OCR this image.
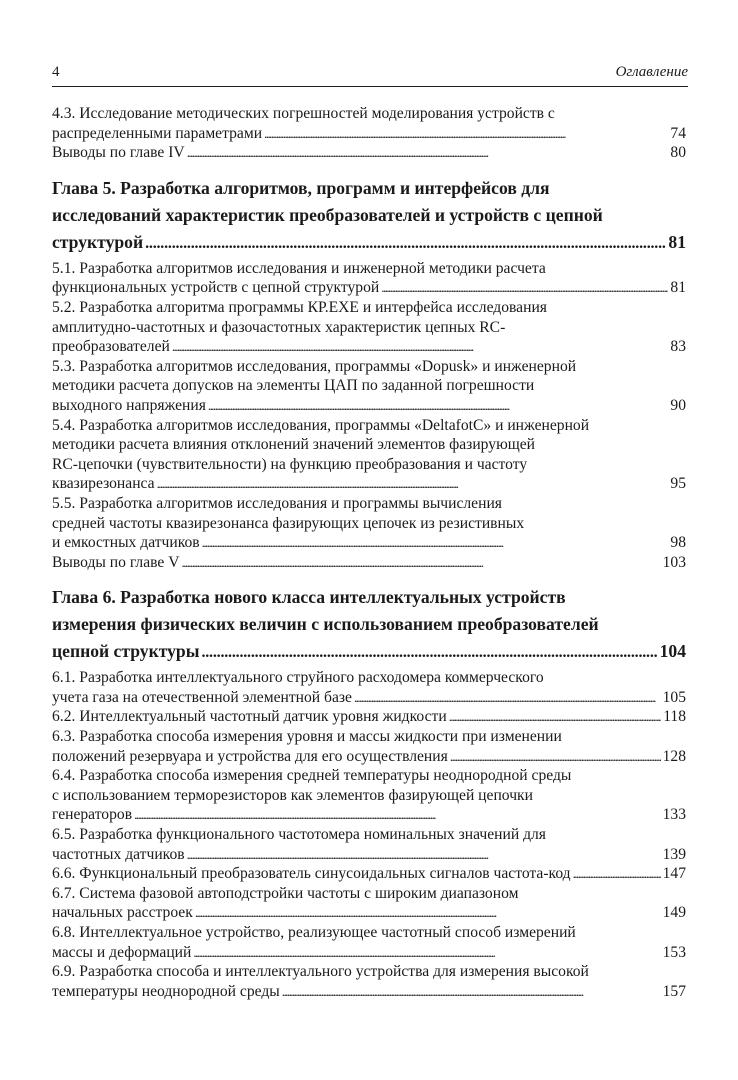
4	Оглавление
4.3. Исследование методических погрешностей моделирования устройств с
распределенными параметрами . . .	74
Выводы по главе IV . . .	80
Глава 5. Разработка алгоритмов, программ и интерфейсов для
исследований характеристик преобразователей и устройств с цепной
структурой . . .	81
5.1. Разработка алгоритмов исследования и инженерной методики расчета
функциональных устройств с цепной структурой . . .	81
5.2. Разработка алгоритма программы КР.EXE и интерфейса исследования
амплитудно-частотных и фазочастотных характеристик цепных RC-
преобразователей . . .	83
5.3. Разработка алгоритмов исследования, программы «Dopusk» и инженерной
методики расчета допусков на элементы ЦАП по заданной погрешности
выходного напряжения . . .	90
5.4. Разработка алгоритмов исследования, программы «DeltafotC» и инженерной
методики расчета влияния отклонений значений элементов фазирующей
RC-цепочки (чувствительности) на функцию преобразования и частоту
квазирезонанса . . .	95
5.5. Разработка алгоритмов исследования и программы вычисления
средней частоты квазирезонанса фазирующих цепочек из резистивных
и емкостных датчиков . . .	98
Выводы по главе V . . .	103
Глава 6. Разработка нового класса интеллектуальных устройств
измерения физических величин с использованием преобразователей
цепной структуры . . .	104
6.1. Разработка интеллектуального струйного расходомера коммерческого
учета газа на отечественной элементной базе . . .	105
6.2. Интеллектуальный частотный датчик уровня жидкости . . .	118
6.3. Разработка способа измерения уровня и массы жидкости при изменении
положений резервуара и устройства для его осуществления . . .	128
6.4. Разработка способа измерения средней температуры неоднородной среды
с использованием терморезисторов как элементов фазирующей цепочки
генераторов . . .	133
6.5. Разработка функционального частотомера номинальных значений для
частотных датчиков . . .	139
6.6. Функциональный преобразователь синусоидальных сигналов частота-код . . .	147
6.7. Система фазовой автоподстройки частоты с широким диапазоном
начальных расстроек . . .	149
6.8. Интеллектуальное устройство, реализующее частотный способ измерений
массы и деформаций . . .	153
6.9. Разработка способа и интеллектуального устройства для измерения высокой
температуры неоднородной среды . . .	157
